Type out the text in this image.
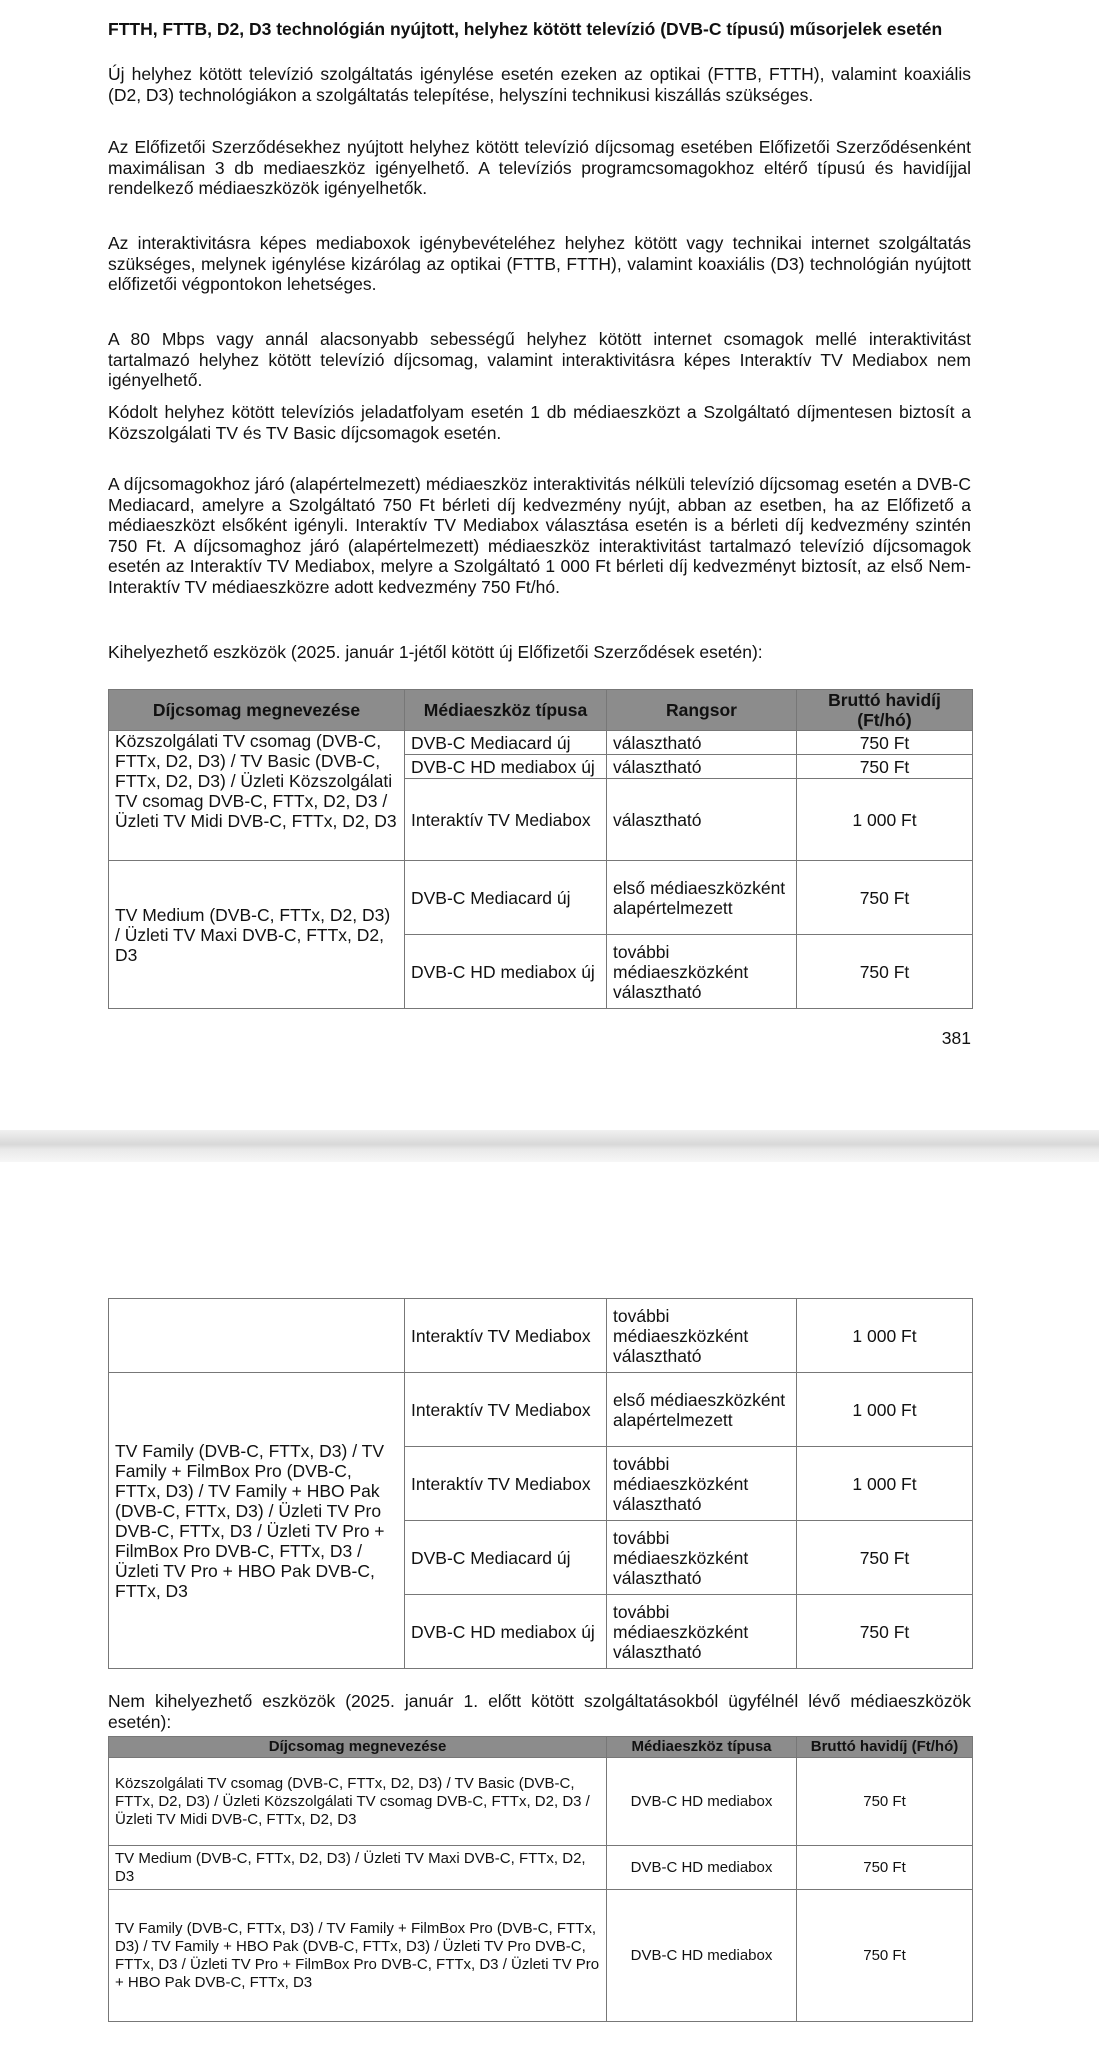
FTTH, FTTB, D2, D3 technológián nyújtott, helyhez kötött televízió (DVB-C típusú) műsorjelek esetén

Új helyhez kötött televízió szolgáltatás igénylése esetén ezeken az optikai (FTTB, FTTH), valamint koaxiális (D2, D3) technológiákon a szolgáltatás telepítése, helyszíni technikusi kiszállás szükséges.

Az Előfizetői Szerződésekhez nyújtott helyhez kötött televízió díjcsomag esetében Előfizetői Szerződésenként maximálisan 3 db mediaeszköz igényelhető. A televíziós programcsomagokhoz eltérő típusú és havidíjjal rendelkező médiaeszközök igényelhetők.

Az interaktivitásra képes mediaboxok igénybevételéhez helyhez kötött vagy technikai internet szolgáltatás szükséges, melynek igénylése kizárólag az optikai (FTTB, FTTH), valamint koaxiális (D3) technológián nyújtott előfizetői végpontokon lehetséges.

A 80 Mbps vagy annál alacsonyabb sebességű helyhez kötött internet csomagok mellé interaktivitást tartalmazó helyhez kötött televízió díjcsomag, valamint interaktivitásra képes Interaktív TV Mediabox nem igényelhető.

Kódolt helyhez kötött televíziós jeladatfolyam esetén 1 db médiaeszközt a Szolgáltató díjmentesen biztosít a Közszolgálati TV és TV Basic díjcsomagok esetén.

A díjcsomagokhoz járó (alapértelmezett) médiaeszköz interaktivitás nélküli televízió díjcsomag esetén a DVB-C Mediacard, amelyre a Szolgáltató 750 Ft bérleti díj kedvezmény nyújt, abban az esetben, ha az Előfizető a médiaeszközt elsőként igényli. Interaktív TV Mediabox választása esetén is a bérleti díj kedvezmény szintén 750 Ft. A díjcsomaghoz járó (alapértelmezett) médiaeszköz interaktivitást tartalmazó televízió díjcsomagok esetén az Interaktív TV Mediabox, melyre a Szolgáltató 1 000 Ft bérleti díj kedvezményt biztosít, az első Nem-Interaktív TV médiaeszközre adott kedvezmény 750 Ft/hó.

Kihelyezhető eszközök (2025. január 1-jétől kötött új Előfizetői Szerződések esetén):

Díjcsomag megnevezése	Médiaeszköz típusa	Rangsor	Bruttó havidíj (Ft/hó)
Közszolgálati TV csomag (DVB-C, FTTx, D2, D3) / TV Basic (DVB-C, FTTx, D2, D3) / Üzleti Közszolgálati TV csomag DVB-C, FTTx, D2, D3 / Üzleti TV Midi DVB-C, FTTx, D2, D3	DVB-C Mediacard új	választható	750 Ft
	DVB-C HD mediabox új	választható	750 Ft
	Interaktív TV Mediabox	választható	1 000 Ft
TV Medium (DVB-C, FTTx, D2, D3) / Üzleti TV Maxi DVB-C, FTTx, D2, D3	DVB-C Mediacard új	első médiaeszközként alapértelmezett	750 Ft
	DVB-C HD mediabox új	további médiaeszközként választható	750 Ft
381
	Interaktív TV Mediabox	további médiaeszközként választható	1 000 Ft
TV Family (DVB-C, FTTx, D3) / TV Family + FilmBox Pro (DVB-C, FTTx, D3) / TV Family + HBO Pak (DVB-C, FTTx, D3) / Üzleti TV Pro DVB-C, FTTx, D3 / Üzleti TV Pro + FilmBox Pro DVB-C, FTTx, D3 / Üzleti TV Pro + HBO Pak DVB-C, FTTx, D3	Interaktív TV Mediabox	első médiaeszközként alapértelmezett	1 000 Ft
	Interaktív TV Mediabox	további médiaeszközként választható	1 000 Ft
	DVB-C Mediacard új	további médiaeszközként választható	750 Ft
	DVB-C HD mediabox új	további médiaeszközként választható	750 Ft

Nem kihelyezhető eszközök (2025. január 1. előtt kötött szolgáltatásokból ügyfélnél lévő médiaeszközök esetén):

Díjcsomag megnevezése	Médiaeszköz típusa	Bruttó havidíj (Ft/hó)
Közszolgálati TV csomag (DVB-C, FTTx, D2, D3) / TV Basic (DVB-C, FTTx, D2, D3) / Üzleti Közszolgálati TV csomag DVB-C, FTTx, D2, D3 / Üzleti TV Midi DVB-C, FTTx, D2, D3	DVB-C HD mediabox	750 Ft
TV Medium (DVB-C, FTTx, D2, D3) / Üzleti TV Maxi DVB-C, FTTx, D2, D3	DVB-C HD mediabox	750 Ft
TV Family (DVB-C, FTTx, D3) / TV Family + FilmBox Pro (DVB-C, FTTx, D3) / TV Family + HBO Pak (DVB-C, FTTx, D3) / Üzleti TV Pro DVB-C, FTTx, D3 / Üzleti TV Pro + FilmBox Pro DVB-C, FTTx, D3 / Üzleti TV Pro + HBO Pak DVB-C, FTTx, D3	DVB-C HD mediabox	750 Ft
